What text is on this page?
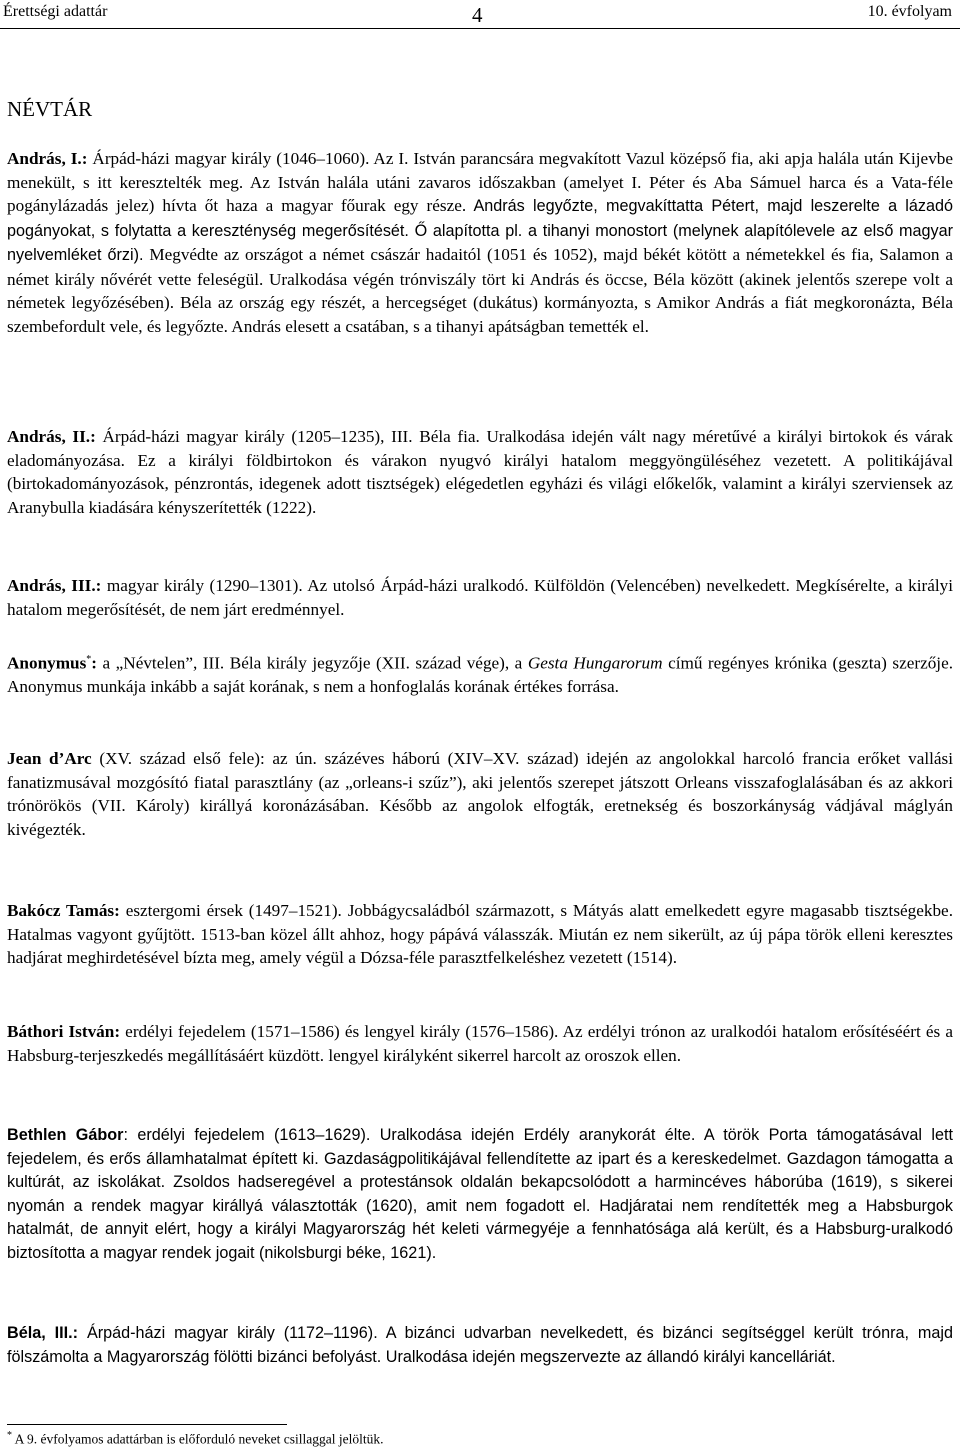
Érettségi adattár	4	10. évfolyam
NÉVTÁR
András, I.: Árpád-házi magyar király (1046–1060). Az I. István parancsára megvakított Vazul középső fia, aki apja halála után Kijevbe menekült, s itt keresztelték meg. Az István halála utáni zavaros időszakban (amelyet I. Péter és Aba Sámuel harca és a Vata-féle pogánylázadás jelez) hívta őt haza a magyar főurak egy része. András legyőzte, megvakíttatta Pétert, majd leszerelte a lázadó pogányokat, s folytatta a kereszténység megerősítését. Ő alapította pl. a tihanyi monostort (melynek alapítólevele az első magyar nyelvemléket őrzi). Megvédte az országot a német császár hadaitól (1051 és 1052), majd békét kötött a németekkel és fia, Salamon a német király nővérét vette feleségül. Uralkodása végén trónviszály tört ki András és öccse, Béla között (akinek jelentős szerepe volt a németek legyőzésében). Béla az ország egy részét, a hercegséget (dukátus) kormányozta, s Amikor András a fiát megkoronázta, Béla szembefordult vele, és legyőzte. András elesett a csatában, s a tihanyi apátságban temették el.
András, II.: Árpád-házi magyar király (1205–1235), III. Béla fia. Uralkodása idején vált nagy méretűvé a királyi birtokok és várak eladományozása. Ez a királyi földbirtokon és várakon nyugvó királyi hatalom meggyöngüléséhez vezetett. A politikájával (birtokadományozások, pénzrontás, idegenek adott tisztségek) elégedetlen egyházi és világi előkelők, valamint a királyi szerviensek az Aranybulla kiadására kényszerítették (1222).
András, III.: magyar király (1290–1301). Az utolsó Árpád-házi uralkodó. Külföldön (Velencében) nevelkedett. Megkísérelte, a királyi hatalom megerősítését, de nem járt eredménnyel.
Anonymus*: a „Névtelen”, III. Béla király jegyzője (XII. század vége), a Gesta Hungarorum című regényes krónika (geszta) szerzője. Anonymus munkája inkább a saját korának, s nem a honfoglalás korának értékes forrása.
Jean d’Arc (XV. század első fele): az ún. százéves háború (XIV–XV. század) idején az angolokkal harcoló francia erőket vallási fanatizmusával mozgósító fiatal parasztlány (az „orleans-i szűz”), aki jelentős szerepet játszott Orleans visszafoglalásában és az akkori trónörökös (VII. Károly) királlyá koronázásában. Később az angolok elfogták, eretnekség és boszorkányság vádjával máglyán kivégezték.
Bakócz Tamás: esztergomi érsek (1497–1521). Jobbágycsaládból származott, s Mátyás alatt emelkedett egyre magasabb tisztségekbe. Hatalmas vagyont gyűjtött. 1513-ban közel állt ahhoz, hogy pápává válasszák. Miután ez nem sikerült, az új pápa török elleni keresztes hadjárat meghirdetésével bízta meg, amely végül a Dózsa-féle parasztfelkeléshez vezetett (1514).
Báthori István: erdélyi fejedelem (1571–1586) és lengyel király (1576–1586). Az erdélyi trónon az uralkodói hatalom erősítéséért és a Habsburg-terjeszkedés megállításáért küzdött. lengyel királyként sikerrel harcolt az oroszok ellen.
Bethlen Gábor: erdélyi fejedelem (1613–1629). Uralkodása idején Erdély aranykorát élte. A török Porta támogatásával lett fejedelem, és erős államhatalmat épített ki. Gazdaságpolitikájával fellendítette az ipart és a kereskedelmet. Gazdagon támogatta a kultúrát, az iskolákat. Zsoldos hadseregével a protestánsok oldalán bekapcsolódott a harmincéves háborúba (1619), s sikerei nyomán a rendek magyar királlyá választották (1620), amit nem fogadott el. Hadjáratai nem rendítették meg a Habsburgok hatalmát, de annyit elért, hogy a királyi Magyarország hét keleti vármegyéje a fennhatósága alá került, és a Habsburg-uralkodó biztosította a magyar rendek jogait (nikolsburgi béke, 1621).
Béla, III.: Árpád-házi magyar király (1172–1196). A bizánci udvarban nevelkedett, és bizánci segítséggel került trónra, majd fölszámolta a Magyarország fölötti bizánci befolyást. Uralkodása idején megszervezte az állandó királyi kancelláriát.
* A 9. évfolyamos adattárban is előforduló neveket csillaggal jelöltük.
